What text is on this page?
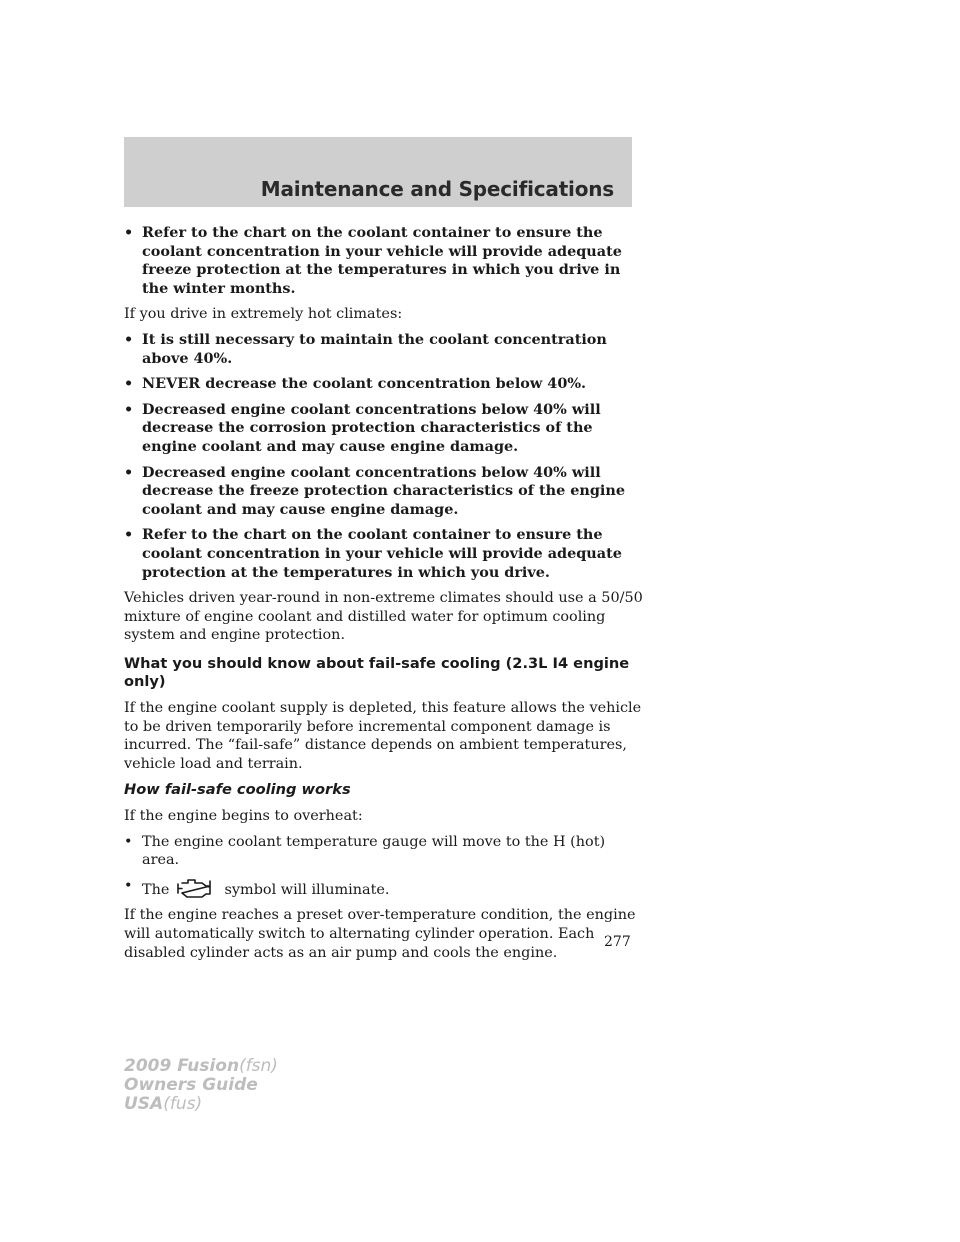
Maintenance and Specifications
• Refer to the chart on the coolant container to ensure the coolant concentration in your vehicle will provide adequate freeze protection at the temperatures in which you drive in the winter months.

If you drive in extremely hot climates:

• It is still necessary to maintain the coolant concentration above 40%.
• NEVER decrease the coolant concentration below 40%.
• Decreased engine coolant concentrations below 40% will decrease the corrosion protection characteristics of the engine coolant and may cause engine damage.
• Decreased engine coolant concentrations below 40% will decrease the freeze protection characteristics of the engine coolant and may cause engine damage.
• Refer to the chart on the coolant container to ensure the coolant concentration in your vehicle will provide adequate protection at the temperatures in which you drive.

Vehicles driven year-round in non-extreme climates should use a 50/50 mixture of engine coolant and distilled water for optimum cooling system and engine protection.

What you should know about fail-safe cooling (2.3L I4 engine only)

If the engine coolant supply is depleted, this feature allows the vehicle to be driven temporarily before incremental component damage is incurred. The “fail-safe” distance depends on ambient temperatures, vehicle load and terrain.

How fail-safe cooling works

If the engine begins to overheat:

• The engine coolant temperature gauge will move to the H (hot) area.
• The	symbol will illuminate.

If the engine reaches a preset over-temperature condition, the engine will automatically switch to alternating cylinder operation. Each disabled cylinder acts as an air pump and cools the engine.

277
2009 Fusion(fsn)
Owners Guide
USA(fus)
